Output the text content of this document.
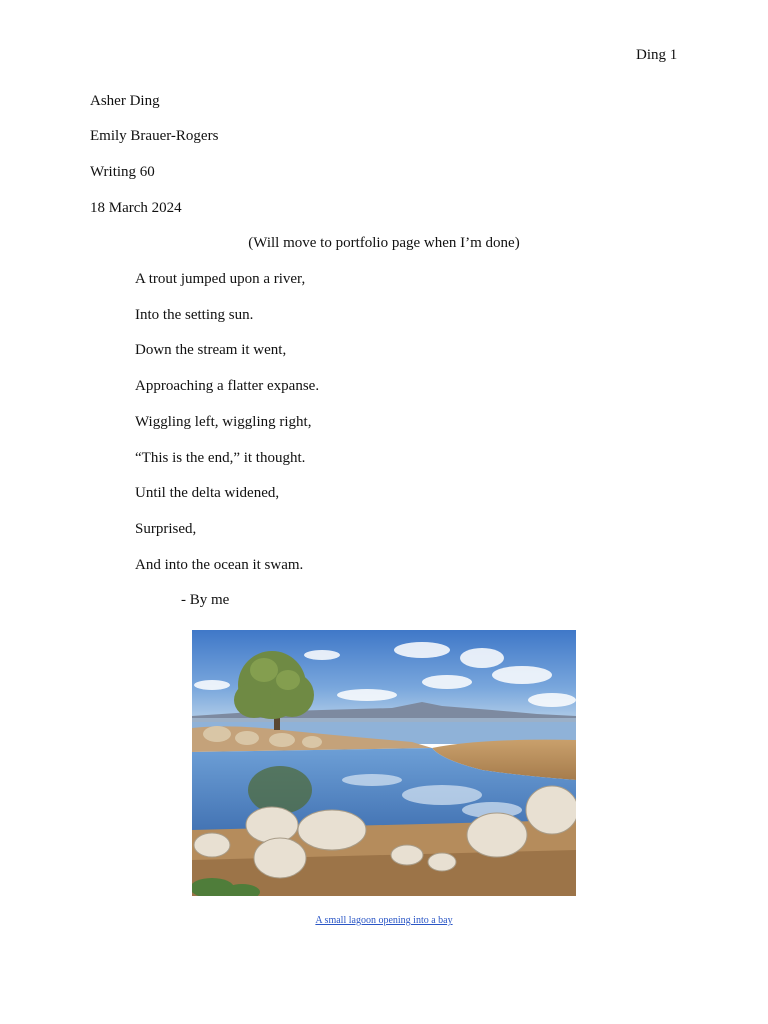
Ding 1
Asher Ding
Emily Brauer-Rogers
Writing 60
18 March 2024
(Will move to portfolio page when I’m done)
A trout jumped upon a river,
Into the setting sun.
Down the stream it went,
Approaching a flatter expanse.
Wiggling left, wiggling right,
“This is the end,” it thought.
Until the delta widened,
Surprised,
And into the ocean it swam.
- By me
A small lagoon opening into a bay
